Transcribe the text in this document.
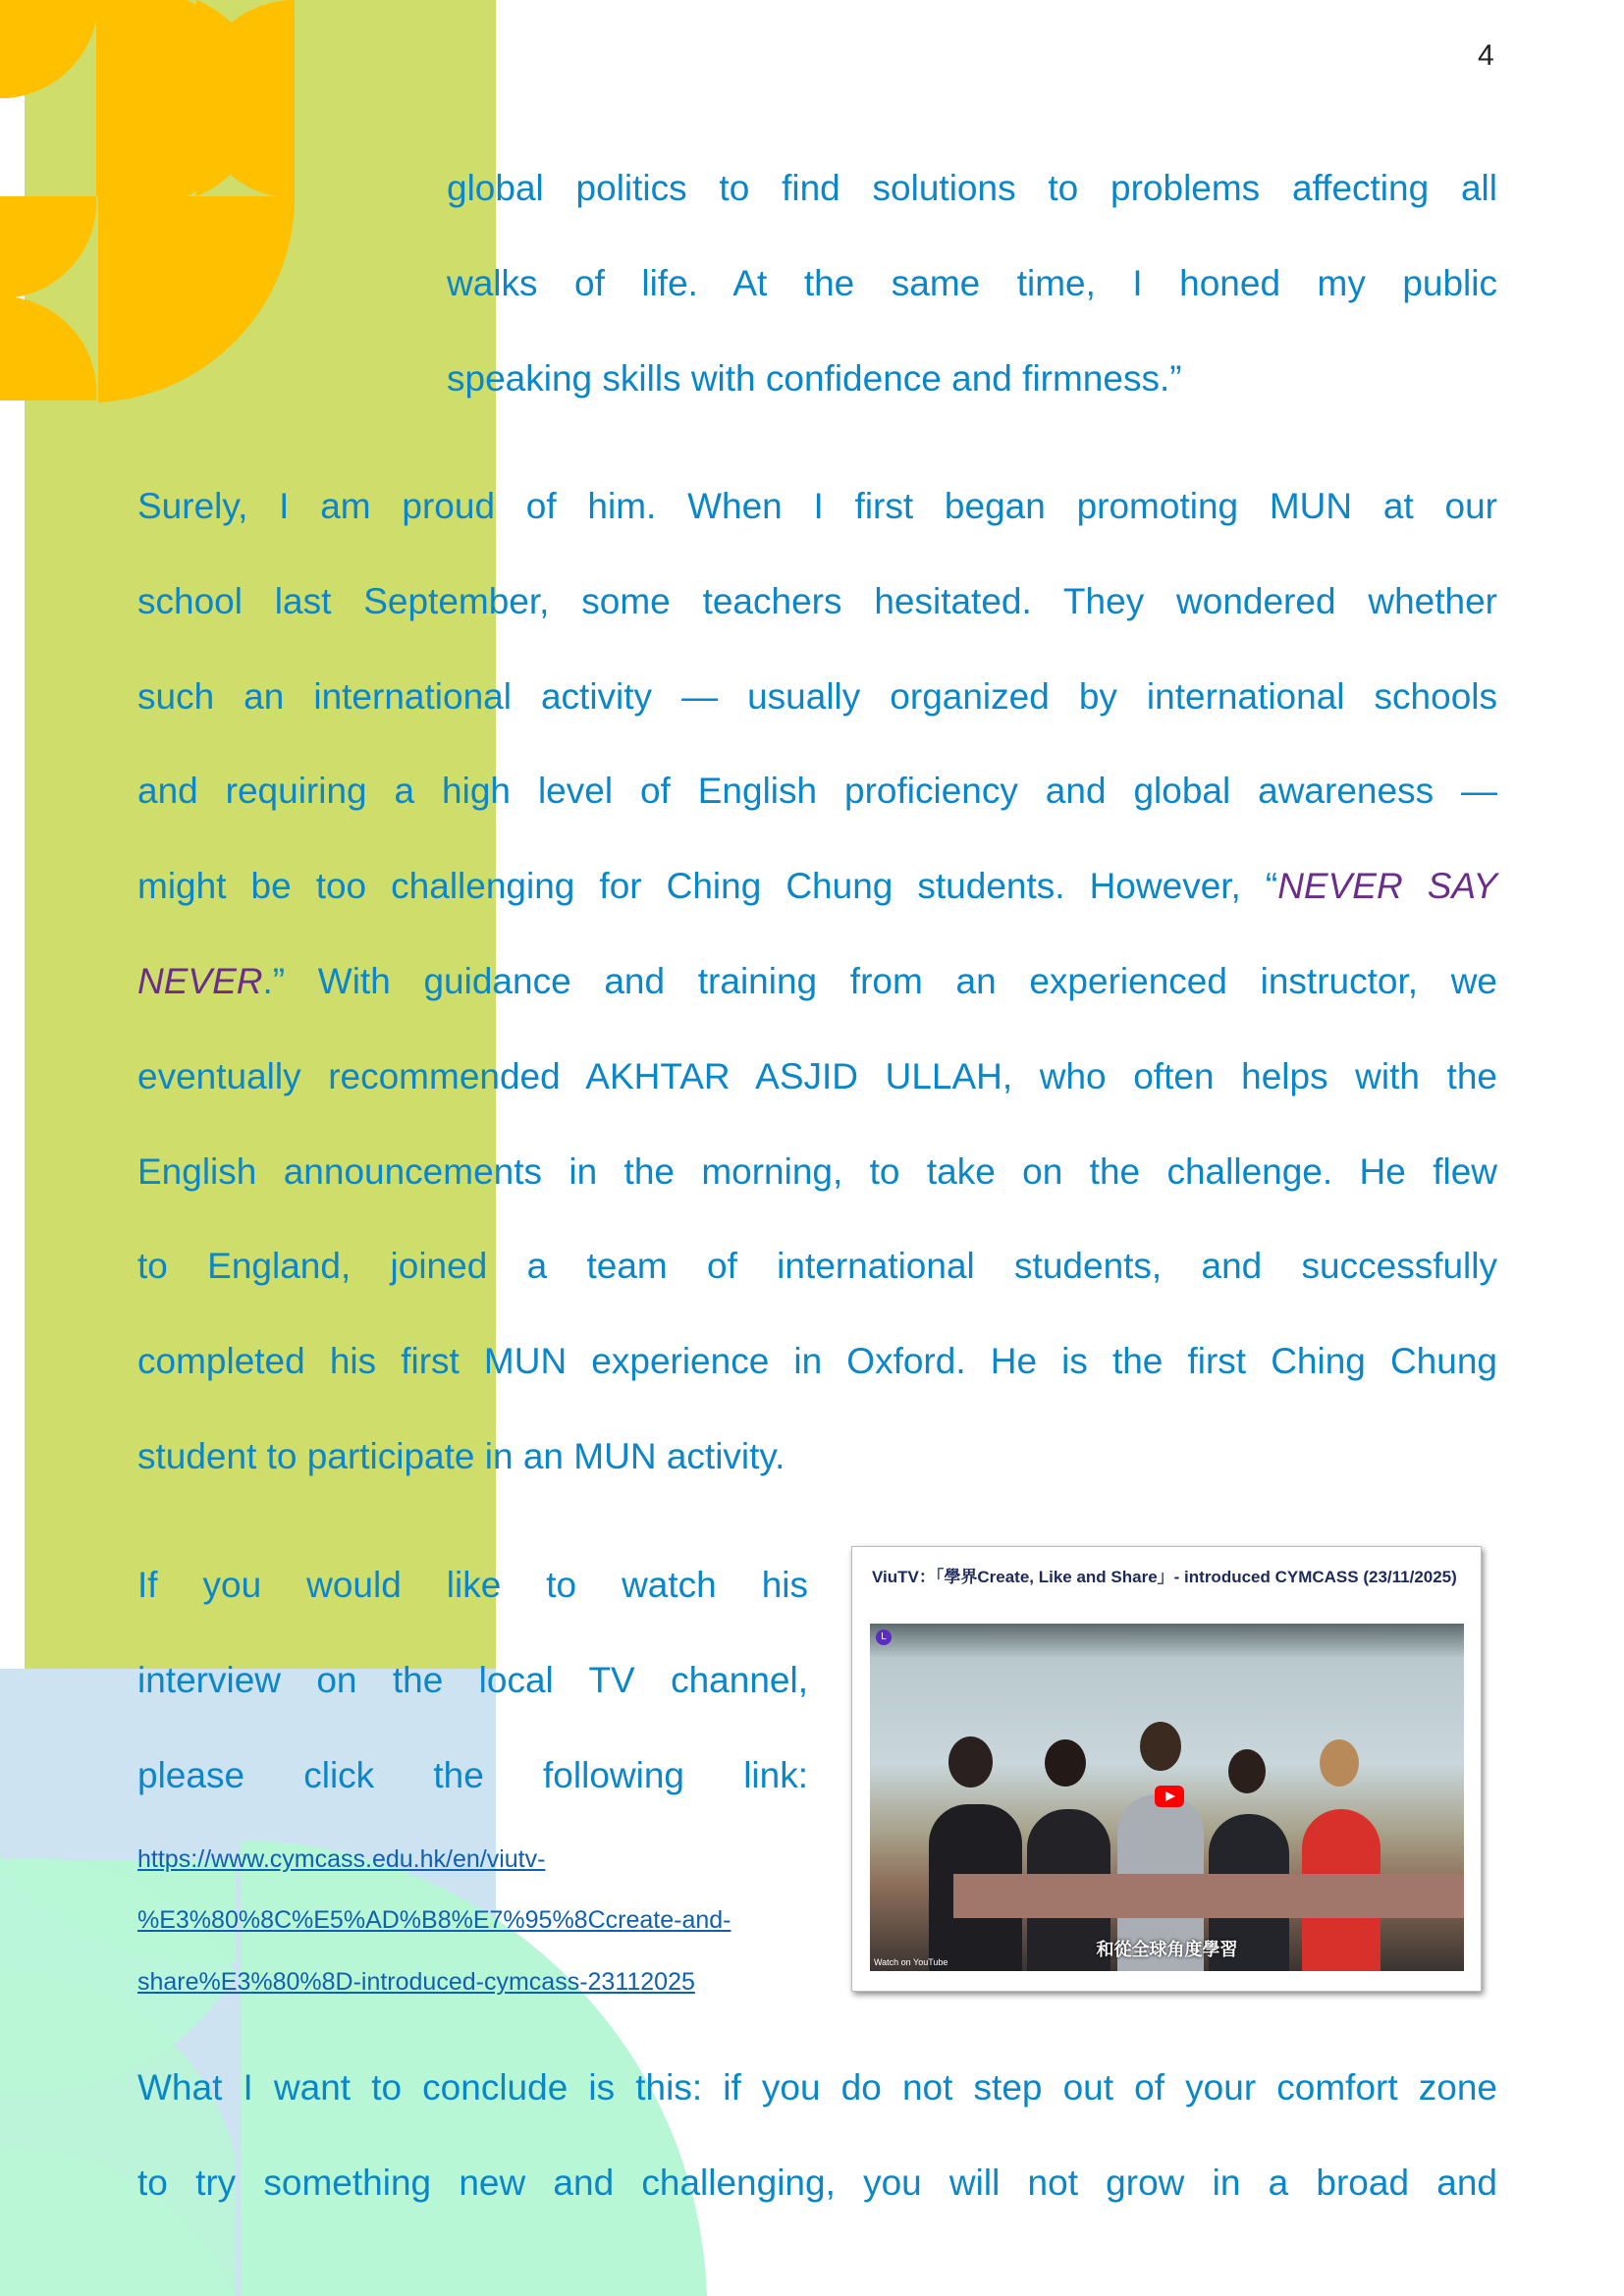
4
global politics to find solutions to problems affecting all
walks of life. At the same time, I honed my public
speaking skills with confidence and firmness.”
Surely, I am proud of him. When I first began promoting MUN at our
school last September, some teachers hesitated. They wondered whether
such an international activity — usually organized by international schools
and requiring a high level of English proficiency and global awareness —
might be too challenging for Ching Chung students. However, “NEVER SAY
NEVER.” With guidance and training from an experienced instructor, we
eventually recommended AKHTAR ASJID ULLAH, who often helps with the
English announcements in the morning, to take on the challenge. He flew
to England, joined a team of international students, and successfully
completed his first MUN experience in Oxford. He is the first Ching Chung
student to participate in an MUN activity.
If you would like to watch his
interview on the local TV channel,
please click the following link:
https://www.cymcass.edu.hk/en/viutv-
%E3%80%8C%E5%AD%B8%E7%95%8Ccreate-and-
share%E3%80%8D-introduced-cymcass-23112025
ViuTV：「學界Create, Like and Share」- introduced CYMCASS (23/11/2025)
L
和從全球角度學習
Watch on YouTube
What I want to conclude is this: if you do not step out of your comfort zone
to try something new and challenging, you will not grow in a broad and
